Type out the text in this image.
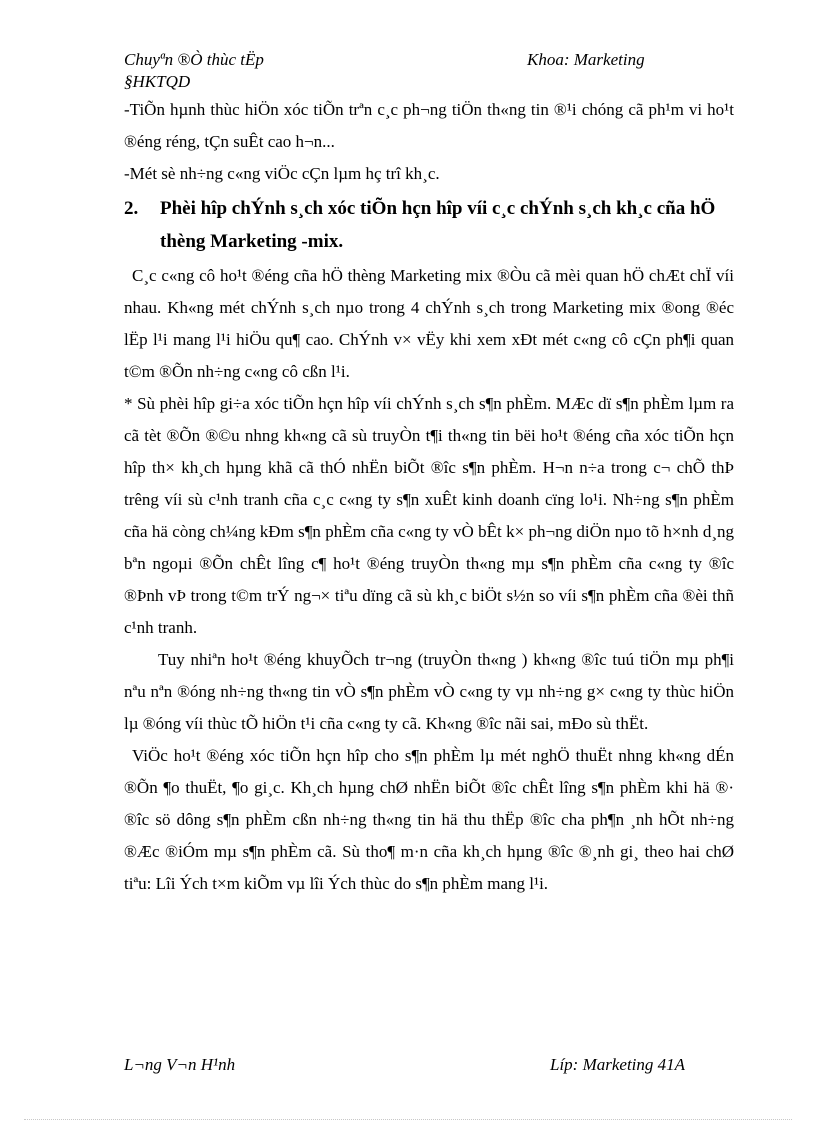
Chuyªn ®Ò thùc tËp
§HKTQD
Khoa: Marketing

-TiÕn hµnh thùc hiÖn xóc tiÕn trªn c¸c ph¬ng tiÖn th«ng tin ®¹i chóng cã ph¹m vi ho¹t ®éng réng, tÇn suÊt cao h¬n...

-Mét sè nh÷ng c«ng viÖc cÇn lµm hç trî kh¸c.

2. Phèi hîp chÝnh s¸ch xóc tiÕn hçn hîp víi c¸c chÝnh s¸ch kh¸c cña hÖ thèng Marketing -mix.

C¸c c«ng cô ho¹t ®éng cña hÖ thèng Marketing mix ®Òu cã mèi quan hÖ chÆt chÏ víi nhau. Kh«ng mét chÝnh s¸ch nµo trong 4 chÝnh s¸ch trong Marketing mix ®ong ®éc lËp l¹i mang l¹i hiÖu qu¶ cao. ChÝnh v× vËy khi xem xÐt mét c«ng cô cÇn ph¶i quan t©m ®Õn nh÷ng c«ng cô cßn l¹i.

* Sù phèi hîp gi÷a xóc tiÕn hçn hîp víi chÝnh s¸ch s¶n phÈm. MÆc dï s¶n phÈm lµm ra cã tèt ®Õn ®©u nhng kh«ng cã sù truyÒn t¶i th«ng tin bëi ho¹t ®éng cña xóc tiÕn hçn hîp th× kh¸ch hµng khã cã thÓ nhËn biÕt ®îc s¶n phÈm. H¬n n÷a trong c¬ chÕ thÞ trêng víi sù c¹nh tranh cña c¸c c«ng ty s¶n xuÊt kinh doanh cïng lo¹i. Nh÷ng s¶n phÈm cña hä còng ch¼ng kÐm s¶n phÈm cña c«ng ty vÒ bÊt k× ph¬ng diÖn nµo tõ h×nh d¸ng bªn ngoµi ®Õn chÊt lîng c¶ ho¹t ®éng truyÒn th«ng mµ s¶n phÈm cña c«ng ty ®îc ®Þnh vÞ trong t©m trÝ ng¬× tiªu dïng cã sù kh¸c biÖt s½n so víi s¶n phÈm cña ®èi thñ c¹nh tranh.

Tuy nhiªn ho¹t ®éng khuyÕch tr¬ng (truyÒn th«ng ) kh«ng ®îc tuú tiÖn mµ ph¶i nªu nªn ®óng nh÷ng th«ng tin vÒ s¶n phÈm vÒ c«ng ty vµ nh÷ng g× c«ng ty thùc hiÖn lµ ®óng víi thùc tÕ hiÖn t¹i cña c«ng ty cã. Kh«ng ®îc nãi sai, mÐo sù thËt.

ViÖc ho¹t ®éng xóc tiÕn hçn hîp cho s¶n phÈm lµ mét nghÖ thuËt nhng kh«ng dÉn ®Õn ¶o thuËt, ¶o gi¸c. Kh¸ch hµng chØ nhËn biÕt ®îc chÊt lîng s¶n phÈm khi hä ®· ®îc sö dông s¶n phÈm cßn nh÷ng th«ng tin hä thu thËp ®îc cha ph¶n ¸nh hÕt nh÷ng ®Æc ®iÓm mµ s¶n phÈm cã. Sù tho¶ m·n cña kh¸ch hµng ®îc ®¸nh gi¸ theo hai chØ tiªu: Lîi Ých t×m kiÕm vµ lîi Ých thùc do s¶n phÈm mang l¹i.

L¬ng V¬n H¹nh	Líp: Marketing 41A
